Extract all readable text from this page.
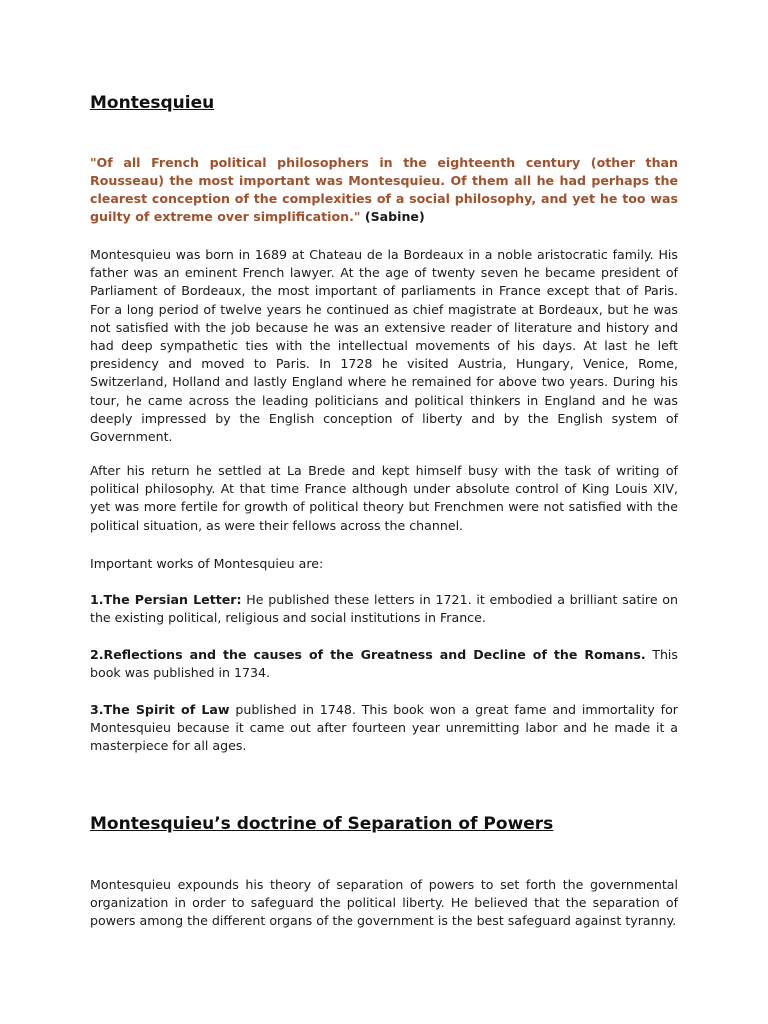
Montesquieu

"Of all French political philosophers in the eighteenth century (other than Rousseau) the most important was Montesquieu. Of them all he had perhaps the clearest conception of the complexities of a social philosophy, and yet he too was guilty of extreme over simplification." (Sabine)

Montesquieu was born in 1689 at Chateau de la Bordeaux in a noble aristocratic family. His father was an eminent French lawyer. At the age of twenty seven he became president of Parliament of Bordeaux, the most important of parliaments in France except that of Paris. For a long period of twelve years he continued as chief magistrate at Bordeaux, but he was not satisfied with the job because he was an extensive reader of literature and history and had deep sympathetic ties with the intellectual movements of his days. At last he left presidency and moved to Paris. In 1728 he visited Austria, Hungary, Venice, Rome, Switzerland, Holland and lastly England where he remained for above two years. During his tour, he came across the leading politicians and political thinkers in England and he was deeply impressed by the English conception of liberty and by the English system of Government.

After his return he settled at La Brede and kept himself busy with the task of writing of political philosophy. At that time France although under absolute control of King Louis XIV, yet was more fertile for growth of political theory but Frenchmen were not satisfied with the political situation, as were their fellows across the channel.

Important works of Montesquieu are:

1.The Persian Letter: He published these letters in 1721. it embodied a brilliant satire on the existing political, religious and social institutions in France.

2.Reflections and the causes of the Greatness and Decline of the Romans. This book was published in 1734.

3.The Spirit of Law published in 1748. This book won a great fame and immortality for Montesquieu because it came out after fourteen year unremitting labor and he made it a masterpiece for all ages.

Montesquieu’s doctrine of Separation of Powers

Montesquieu expounds his theory of separation of powers to set forth the governmental organization in order to safeguard the political liberty. He believed that the separation of powers among the different organs of the government is the best safeguard against tyranny.
